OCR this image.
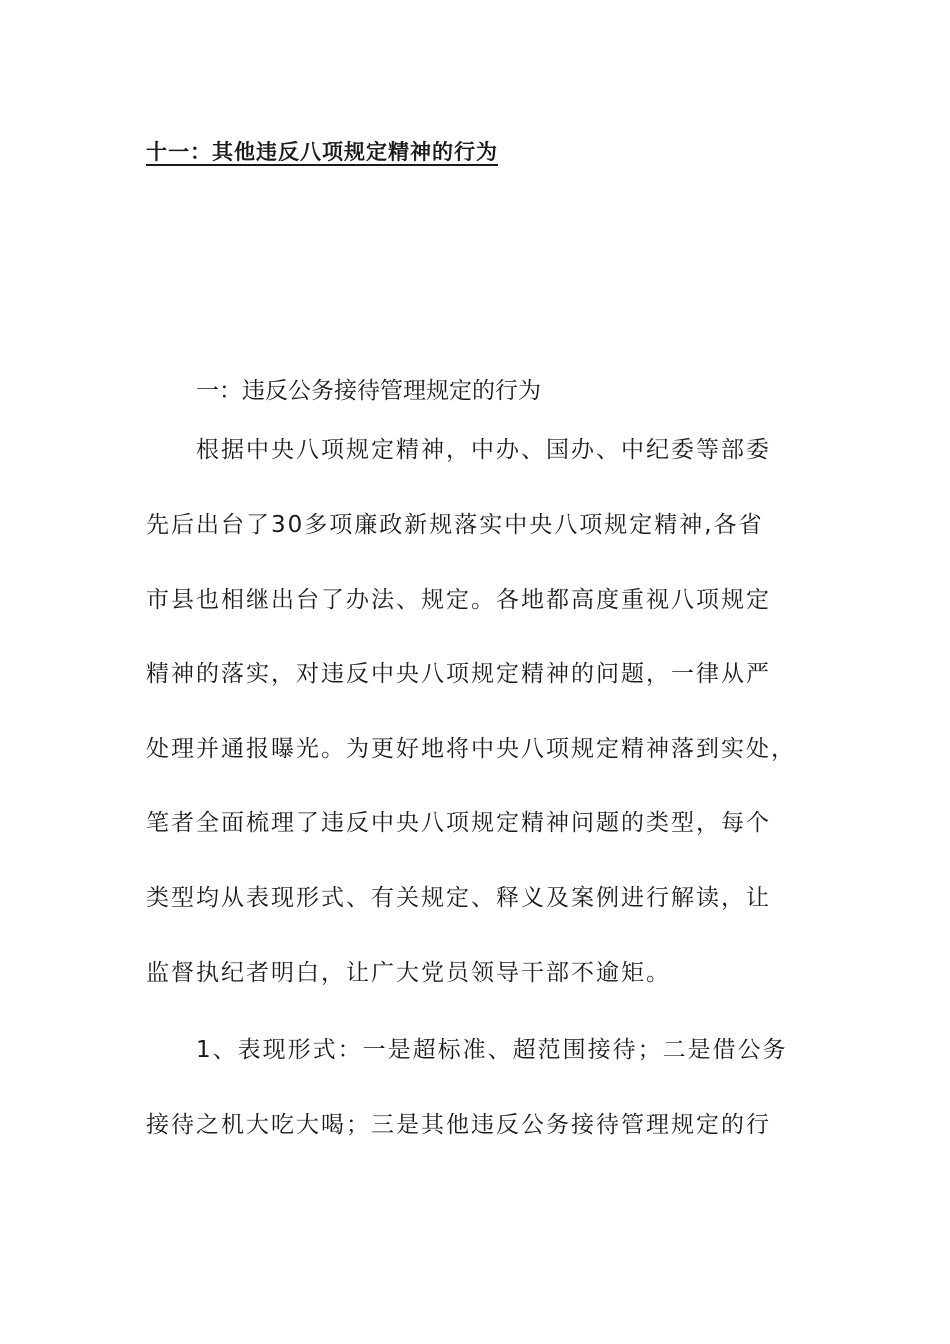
十一：其他违反八项规定精神的行为
一：违反公务接待管理规定的行为
根据中央八项规定精神，中办、国办、中纪委等部委
先后出台了30多项廉政新规落实中央八项规定精神,各省
市县也相继出台了办法、规定。各地都高度重视八项规定
精神的落实，对违反中央八项规定精神的问题，一律从严
处理并通报曝光。为更好地将中央八项规定精神落到实处，
笔者全面梳理了违反中央八项规定精神问题的类型，每个
类型均从表现形式、有关规定、释义及案例进行解读，让
监督执纪者明白，让广大党员领导干部不逾矩。
1、表现形式：一是超标准、超范围接待；二是借公务
接待之机大吃大喝；三是其他违反公务接待管理规定的行
